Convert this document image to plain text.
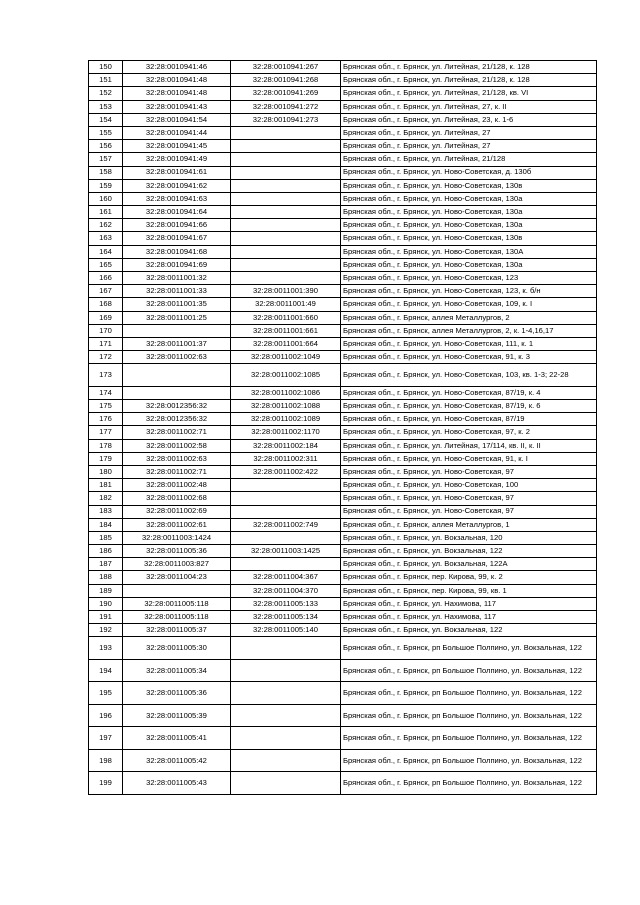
150	32:28:0010941:46	32:28:0010941:267	Брянская обл., г. Брянск, ул. Литейная, 21/128, к. 128
151	32:28:0010941:48	32:28:0010941:268	Брянская обл., г. Брянск, ул. Литейная, 21/128, к. 128
152	32:28:0010941:48	32:28:0010941:269	Брянская обл., г. Брянск, ул. Литейная, 21/128, кв. VI
153	32:28:0010941:43	32:28:0010941:272	Брянская обл., г. Брянск, ул. Литейная, 27, к. II
154	32:28:0010941:54	32:28:0010941:273	Брянская обл., г. Брянск, ул. Литейная, 23, к. 1-6
155	32:28:0010941:44		Брянская обл., г. Брянск, ул. Литейная, 27
156	32:28:0010941:45		Брянская обл., г. Брянск, ул. Литейная, 27
157	32:28:0010941:49		Брянская обл., г. Брянск, ул. Литейная, 21/128
158	32:28:0010941:61		Брянская обл., г. Брянск, ул. Ново-Советская, д. 130б
159	32:28:0010941:62		Брянская обл., г. Брянск, ул. Ново-Советская, 130в
160	32:28:0010941:63		Брянская обл., г. Брянск, ул. Ново-Советская, 130а
161	32:28:0010941:64		Брянская обл., г. Брянск, ул. Ново-Советская, 130а
162	32:28:0010941:66		Брянская обл., г. Брянск, ул. Ново-Советская, 130а
163	32:28:0010941:67		Брянская обл., г. Брянск, ул. Ново-Советская, 130в
164	32:28:0010941:68		Брянская обл., г. Брянск, ул. Ново-Советская, 130А
165	32:28:0010941:69		Брянская обл., г. Брянск, ул. Ново-Советская, 130а
166	32:28:0011001:32		Брянская обл., г. Брянск, ул. Ново-Советская, 123
167	32:28:0011001:33	32:28:0011001:390	Брянская обл., г. Брянск, ул. Ново-Советская, 123, к. б/н
168	32:28:0011001:35	32:28:0011001:49	Брянская обл., г. Брянск, ул. Ново-Советская, 109, к. I
169	32:28:0011001:25	32:28:0011001:660	Брянская обл., г. Брянск, аллея Металлургов, 2
170		32:28:0011001:661	Брянская обл., г. Брянск, аллея Металлургов, 2, к. 1-4,16,17
171	32:28:0011001:37	32:28:0011001:664	Брянская обл., г. Брянск, ул. Ново-Советская, 111, к. 1
172	32:28:0011002:63	32:28:0011002:1049	Брянская обл., г. Брянск, ул. Ново-Советская, 91, к. 3
173		32:28:0011002:1085	Брянская обл., г. Брянск, ул. Ново-Советская, 103, кв. 1-3; 22-28
174		32:28:0011002:1086	Брянская обл., г. Брянск, ул. Ново-Советская, 87/19, к. 4
175	32:28:0012356:32	32:28:0011002:1088	Брянская обл., г. Брянск, ул. Ново-Советская, 87/19, к. 6
176	32:28:0012356:32	32:28:0011002:1089	Брянская обл., г. Брянск, ул. Ново-Советская, 87/19
177	32:28:0011002:71	32:28:0011002:1170	Брянская обл., г. Брянск, ул. Ново-Советская, 97, к. 2
178	32:28:0011002:58	32:28:0011002:184	Брянская обл., г. Брянск, ул. Литейная, 17/114, кв. II, к. II
179	32:28:0011002:63	32:28:0011002:311	Брянская обл., г. Брянск, ул. Ново-Советская, 91, к. I
180	32:28:0011002:71	32:28:0011002:422	Брянская обл., г. Брянск, ул. Ново-Советская, 97
181	32:28:0011002:48		Брянская обл., г. Брянск, ул. Ново-Советская, 100
182	32:28:0011002:68		Брянская обл., г. Брянск, ул. Ново-Советская, 97
183	32:28:0011002:69		Брянская обл., г. Брянск, ул. Ново-Советская, 97
184	32:28:0011002:61	32:28:0011002:749	Брянская обл., г. Брянск, аллея Металлургов, 1
185	32:28:0011003:1424		Брянская обл., г. Брянск, ул. Вокзальная, 120
186	32:28:0011005:36	32:28:0011003:1425	Брянская обл., г. Брянск, ул. Вокзальная, 122
187	32:28:0011003:827		Брянская обл., г. Брянск, ул. Вокзальная, 122А
188	32:28:0011004:23	32:28:0011004:367	Брянская обл., г. Брянск, пер. Кирова, 99, к. 2
189		32:28:0011004:370	Брянская обл., г. Брянск, пер. Кирова, 99, кв. 1
190	32:28:0011005:118	32:28:0011005:133	Брянская обл., г. Брянск, ул. Нахимова, 117
191	32:28:0011005:118	32:28:0011005:134	Брянская обл., г. Брянск, ул. Нахимова, 117
192	32:28:0011005:37	32:28:0011005:140	Брянская обл., г. Брянск, ул. Вокзальная, 122
193	32:28:0011005:30		Брянская обл., г. Брянск, рп Большое Полпино, ул. Вокзальная, 122
194	32:28:0011005:34		Брянская обл., г. Брянск, рп Большое Полпино, ул. Вокзальная, 122
195	32:28:0011005:36		Брянская обл., г. Брянск, рп Большое Полпино, ул. Вокзальная, 122
196	32:28:0011005:39		Брянская обл., г. Брянск, рп Большое Полпино, ул. Вокзальная, 122
197	32:28:0011005:41		Брянская обл., г. Брянск, рп Большое Полпино, ул. Вокзальная, 122
198	32:28:0011005:42		Брянская обл., г. Брянск, рп Большое Полпино, ул. Вокзальная, 122
199	32:28:0011005:43		Брянская обл., г. Брянск, рп Большое Полпино, ул. Вокзальная, 122
